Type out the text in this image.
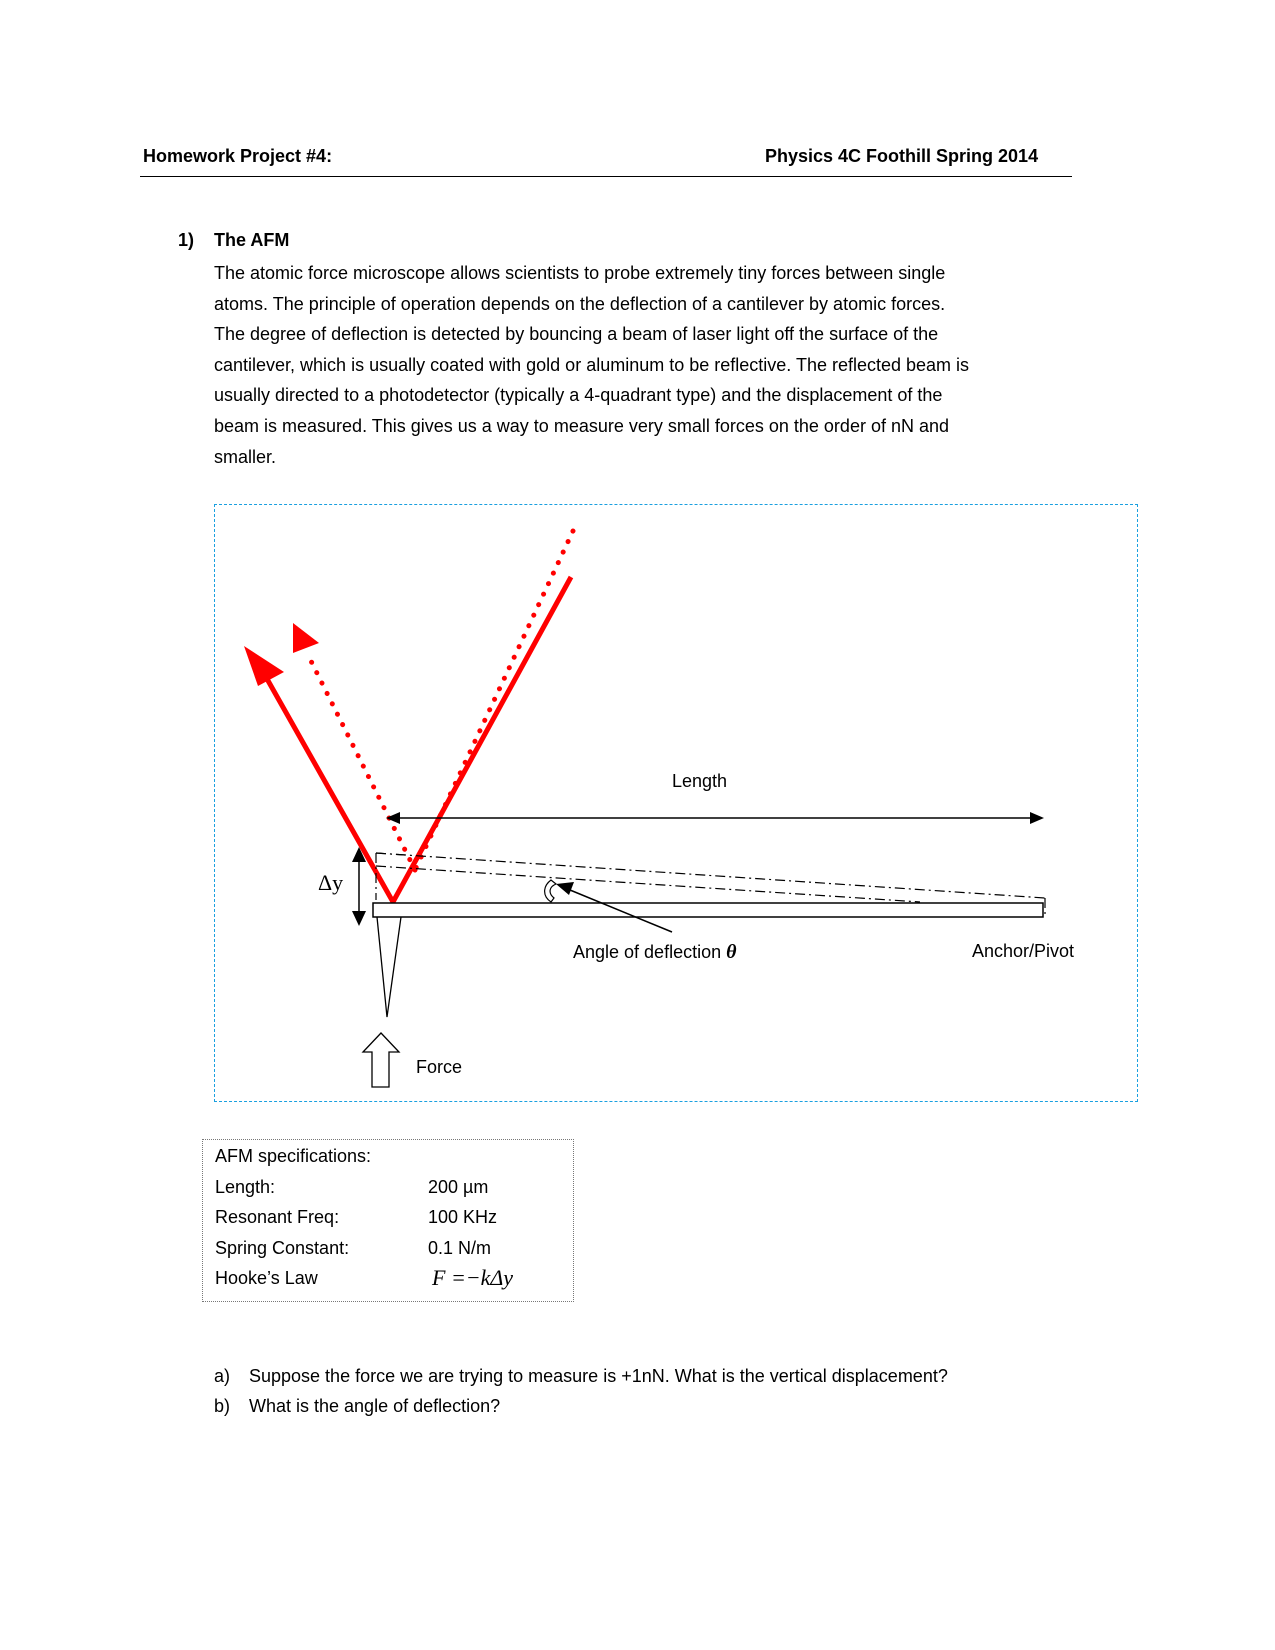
Homework Project #4:	Physics 4C Foothill Spring 2014
1) The AFM
The atomic force microscope allows scientists to probe extremely tiny forces between single
atoms. The principle of operation depends on the deflection of a cantilever by atomic forces.
The degree of deflection is detected by bouncing a beam of laser light off the surface of the
cantilever, which is usually coated with gold or aluminum to be reflective. The reflected beam is
usually directed to a photodetector (typically a 4-quadrant type) and the displacement of the
beam is measured. This gives us a way to measure very small forces on the order of nN and
smaller.
Length
Δy
Angle of deflection θ	Anchor/Pivot
Force
AFM specifications:
Length:	200 µm
Resonant Freq:	100 KHz
Spring Constant:	0.1 N/m
Hooke’s Law	F =−kΔy
a) Suppose the force we are trying to measure is +1nN. What is the vertical displacement?
b) What is the angle of deflection?
